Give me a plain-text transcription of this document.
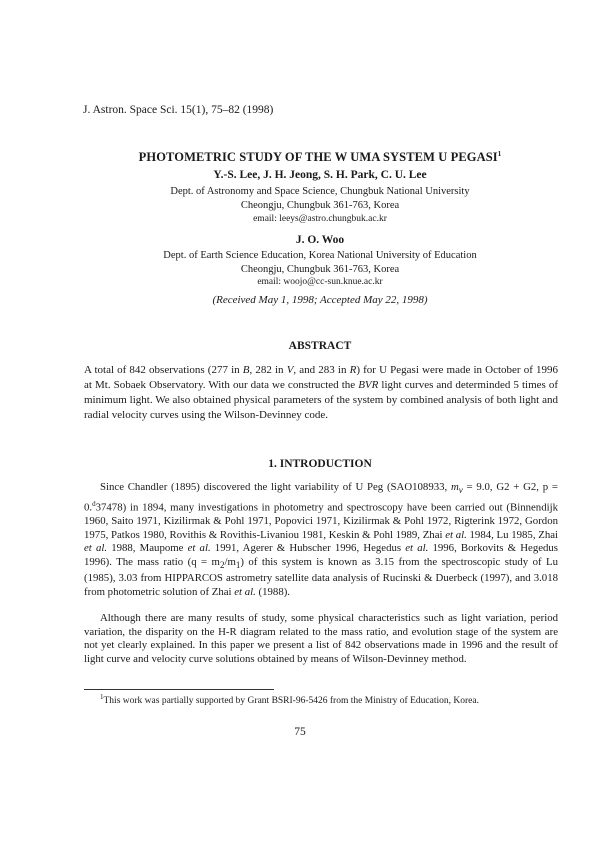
J. Astron. Space Sci. 15(1), 75–82 (1998)
PHOTOMETRIC STUDY OF THE W UMA SYSTEM U PEGASI$^1$
Y.-S. Lee, J. H. Jeong, S. H. Park, C. U. Lee
Dept. of Astronomy and Space Science, Chungbuk National University
Cheongju, Chungbuk 361-763, Korea
email: leeys@astro.chungbuk.ac.kr
J. O. Woo
Dept. of Earth Science Education, Korea National University of Education
Cheongju, Chungbuk 361-763, Korea
email: woojo@cc-sun.knue.ac.kr
(Received May 1, 1998; Accepted May 22, 1998)
ABSTRACT
A total of 842 observations (277 in B, 282 in V, and 283 in R) for U Pegasi were made in October of 1996 at Mt. Sobaek Observatory. With our data we constructed the BVR light curves and determinded 5 times of minimum light. We also obtained physical parameters of the system by combined analysis of both light and radial velocity curves using the Wilson-Devinney code.
1. INTRODUCTION
Since Chandler (1895) discovered the light variability of U Peg (SAO108933, $m_v = 9.0$, G2 + G2, p = 0.$^d$37478) in 1894, many investigations in photometry and spectroscopy have been carried out (Binnendijk 1960, Saito 1971, Kizilirmak & Pohl 1971, Popovici 1971, Kizilirmak & Pohl 1972, Rigterink 1972, Gordon 1975, Patkos 1980, Rovithis & Rovithis-Livaniou 1981, Keskin & Pohl 1989, Zhai et al. 1984, Lu 1985, Zhai et al. 1988, Maupome et al. 1991, Agerer & Hubscher 1996, Hegedus et al. 1996, Borkovits & Hegedus 1996). The mass ratio $(q = m_2/m_1)$ of this system is known as 3.15 from the spectroscopic study of Lu (1985), 3.03 from HIPPARCOS astrometry satellite data analysis of Rucinski & Duerbeck (1997), and 3.018 from photometric solution of Zhai et al. (1988).
Although there are many results of study, some physical characteristics such as light variation, period variation, the disparity on the H-R diagram related to the mass ratio, and evolution stage of the system are not yet clearly explained. In this paper we present a list of 842 observations made in 1996 and the result of light curve and velocity curve solutions obtained by means of Wilson-Devinney method.
$^1$This work was partially supported by Grant BSRI-96-5426 from the Ministry of Education, Korea.
75
